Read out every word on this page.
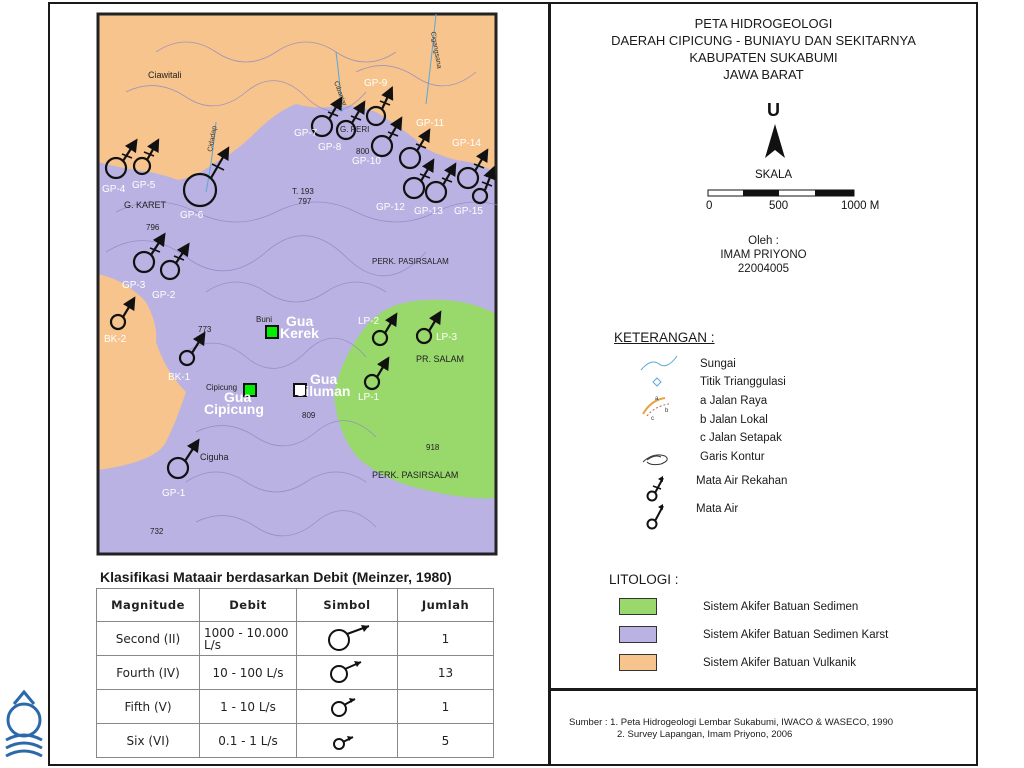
Cidadap
Cibanjar
Cigangsana
Ciawitali
G. KARET
G. PERI
PERK. PASIRSALAM
PR. SALAM
PERK. PASIRSALAM
Ciguha
Cipicung
Buni
T. 193
797
796
800
773
809
918
732
GP-1
GP-2
GP-3
GP-4 GP-5
GP-6
GP-7
GP-8
GP-9
GP-10
GP-11
GP-12 GP-13
GP-14
GP-15
BK-1
BK-2
LP-1
LP-2
LP-3
Gua
Kerek
Gua
Cipicung
Gua
Siluman
Klasifikasi Mataair berdasarkan Debit (Meinzer, 1980)
Magnitude	Debit	Simbol	Jumlah
Second (II)	1000 - 10.000 L/s		1
Fourth (IV)	10 - 100 L/s		13
Fifth (V)	1 - 10 L/s		1
Six (VI)	0.1 - 1 L/s		5
PETA HIDROGEOLOGI
DAERAH CIPICUNG - BUNIAYU DAN SEKITARNYA
KABUPATEN SUKABUMI
JAWA BARAT
U
SKALA
0	500	1000 M
Oleh :
IMAM PRIYONO
22004005
KETERANGAN :
a
b
c
Sungai
Titik Trianggulasi
a Jalan Raya
b Jalan Lokal
c Jalan Setapak
Garis Kontur
Mata Air Rekahan
Mata Air
LITOLOGI :
Sistem Akifer Batuan Sedimen
Sistem Akifer Batuan Sedimen Karst
Sistem Akifer Batuan Vulkanik
Sumber : 1. Peta Hidrogeologi Lembar Sukabumi, IWACO & WASECO, 1990
2. Survey Lapangan, Imam Priyono, 2006
